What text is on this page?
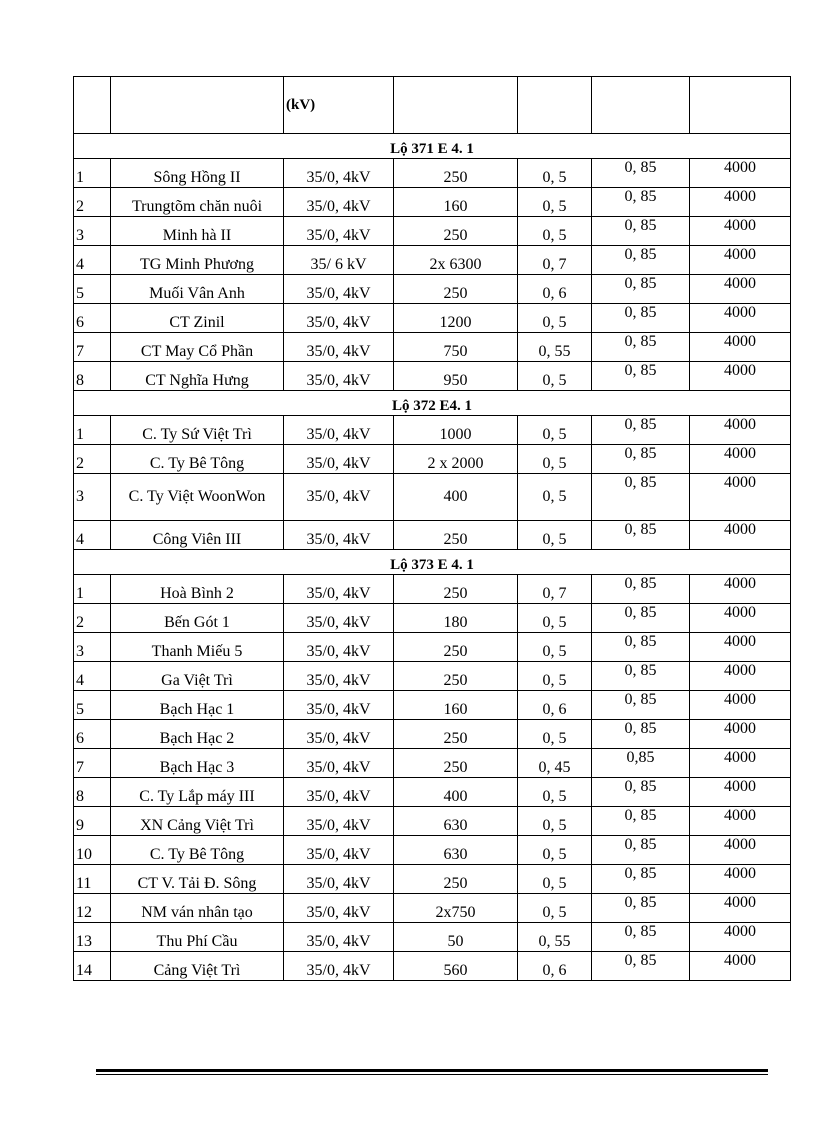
		(kV)				
Lộ 371 E 4. 1						
1	Sông Hồng II	35/0, 4kV	250	0, 5	0, 85	4000
2	Trungtõm chăn nuôi	35/0, 4kV	160	0, 5	0, 85	4000
3	Minh hà II	35/0, 4kV	250	0, 5	0, 85	4000
4	TG Minh Phương	35/ 6 kV	2x 6300	0, 7	0, 85	4000
5	Muối Vân Anh	35/0, 4kV	250	0, 6	0, 85	4000
6	CT Zinil	35/0, 4kV	1200	0, 5	0, 85	4000
7	CT May Cổ Phần	35/0, 4kV	750	0, 55	0, 85	4000
8	CT Nghĩa Hưng	35/0, 4kV	950	0, 5	0, 85	4000
Lộ 372 E4. 1						
1	C. Ty Sứ Việt Trì	35/0, 4kV	1000	0, 5	0, 85	4000
2	C. Ty Bê Tông	35/0, 4kV	2 x 2000	0, 5	0, 85	4000
3	C. Ty Việt WoonWon	35/0, 4kV	400	0, 5	0, 85	4000
4	Công Viên III	35/0, 4kV	250	0, 5	0, 85	4000
Lộ 373 E 4. 1						
1	Hoà Bình 2	35/0, 4kV	250	0, 7	0, 85	4000
2	Bến Gót 1	35/0, 4kV	180	0, 5	0, 85	4000
3	Thanh Miếu 5	35/0, 4kV	250	0, 5	0, 85	4000
4	Ga Việt Trì	35/0, 4kV	250	0, 5	0, 85	4000
5	Bạch Hạc 1	35/0, 4kV	160	0, 6	0, 85	4000
6	Bạch Hạc 2	35/0, 4kV	250	0, 5	0, 85	4000
7	Bạch Hạc 3	35/0, 4kV	250	0, 45	0,85	4000
8	C. Ty Lắp máy III	35/0, 4kV	400	0, 5	0, 85	4000
9	XN Cảng Việt Trì	35/0, 4kV	630	0, 5	0, 85	4000
10	C. Ty Bê Tông	35/0, 4kV	630	0, 5	0, 85	4000
11	CT V. Tải Đ. Sông	35/0, 4kV	250	0, 5	0, 85	4000
12	NM ván nhân tạo	35/0, 4kV	2x750	0, 5	0, 85	4000
13	Thu Phí Cầu	35/0, 4kV	50	0, 55	0, 85	4000
14	Cảng Việt Trì	35/0, 4kV	560	0, 6	0, 85	4000
